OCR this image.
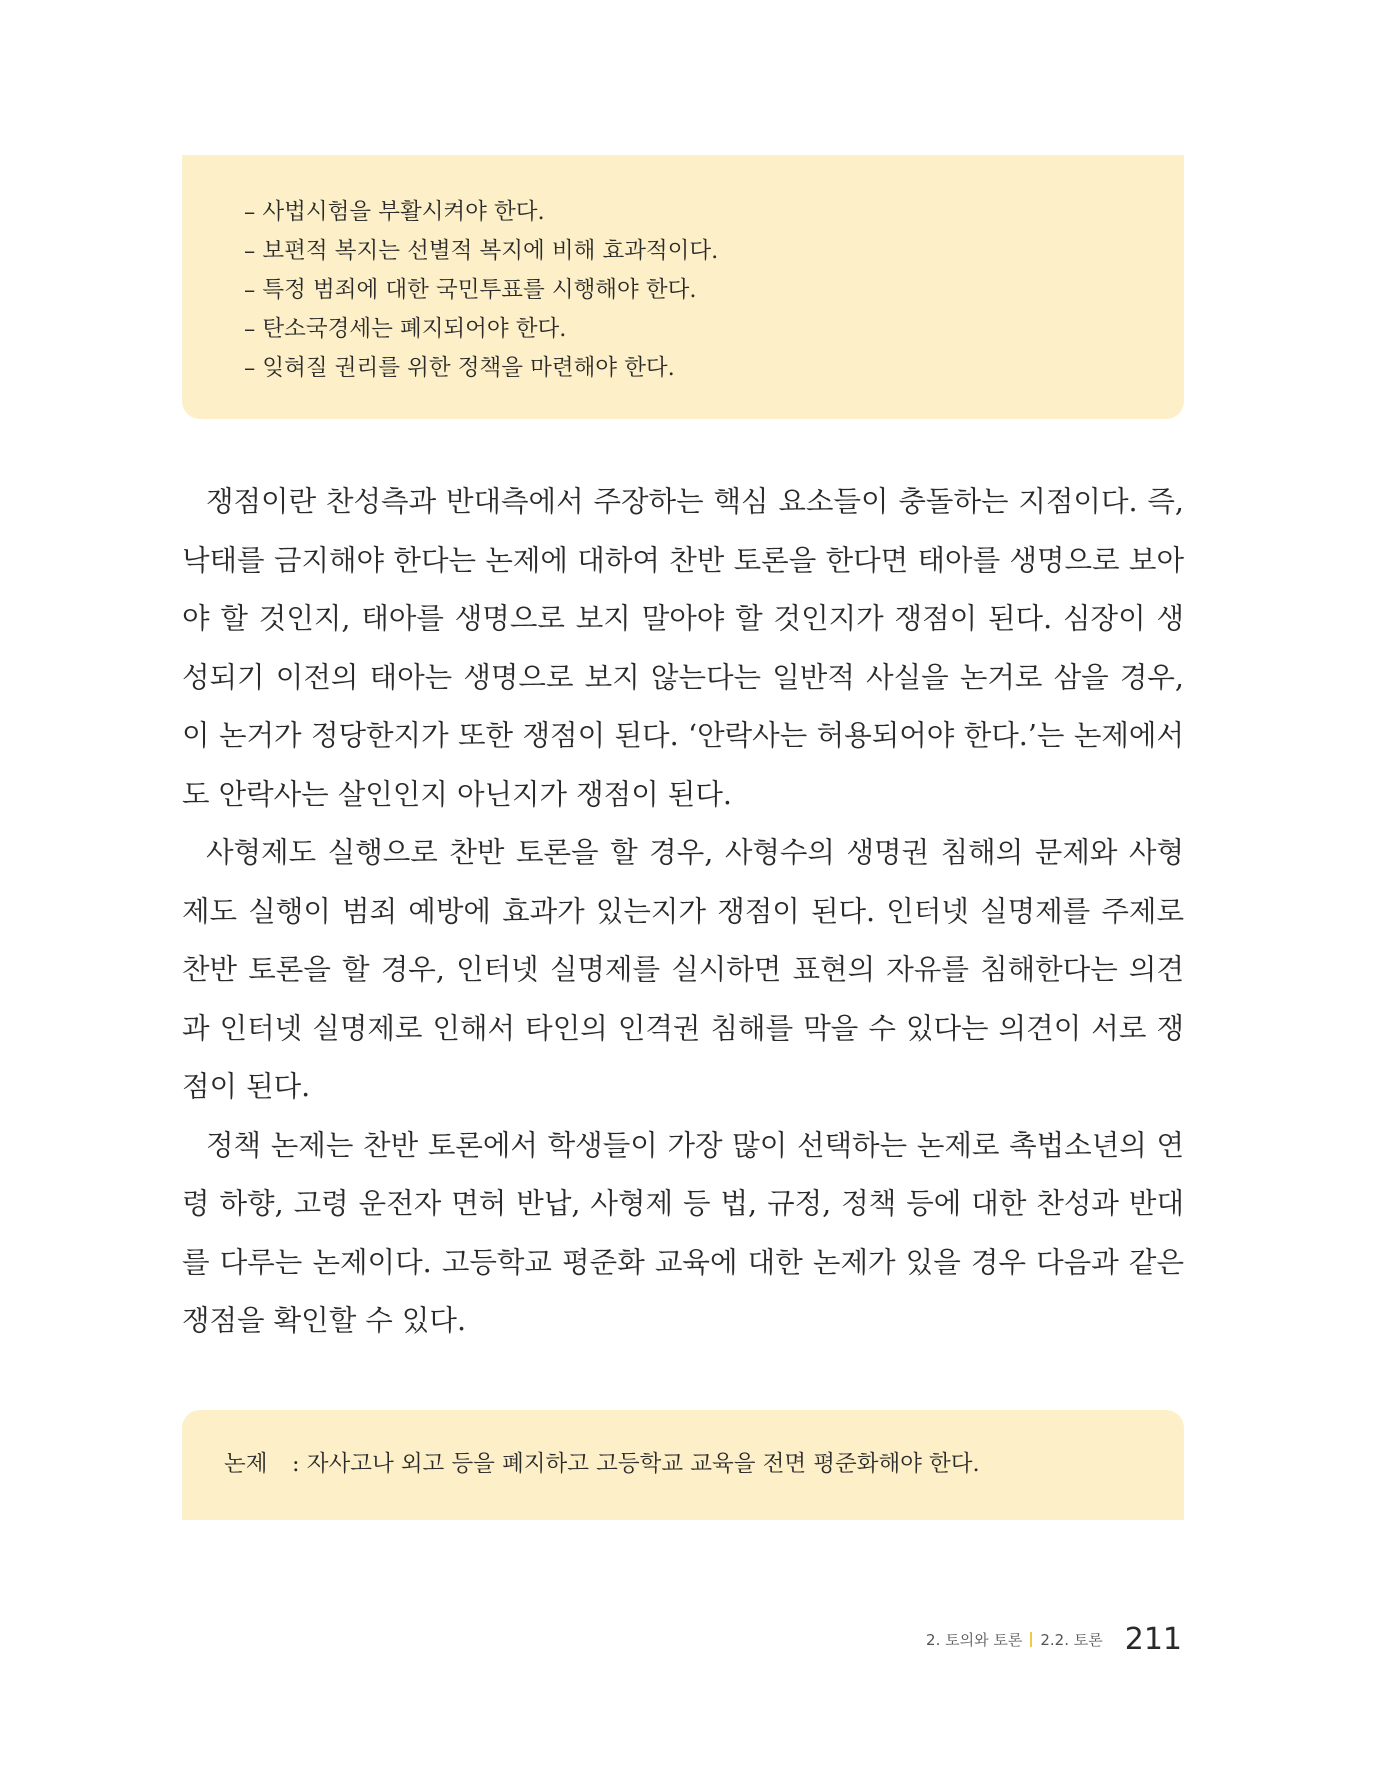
– 사법시험을 부활시켜야 한다.
– 보편적 복지는 선별적 복지에 비해 효과적이다.
– 특정 범죄에 대한 국민투표를 시행해야 한다.
– 탄소국경세는 폐지되어야 한다.
– 잊혀질 권리를 위한 정책을 마련해야 한다.
쟁점이란 찬성측과 반대측에서 주장하는 핵심 요소들이 충돌하는 지점이다. 즉,
낙태를 금지해야 한다는 논제에 대하여 찬반 토론을 한다면 태아를 생명으로 보아
야 할 것인지, 태아를 생명으로 보지 말아야 할 것인지가 쟁점이 된다. 심장이 생
성되기 이전의 태아는 생명으로 보지 않는다는 일반적 사실을 논거로 삼을 경우,
이 논거가 정당한지가 또한 쟁점이 된다. ‘안락사는 허용되어야 한다.’는 논제에서
도 안락사는 살인인지 아닌지가 쟁점이 된다.
사형제도 실행으로 찬반 토론을 할 경우, 사형수의 생명권 침해의 문제와 사형
제도 실행이 범죄 예방에 효과가 있는지가 쟁점이 된다. 인터넷 실명제를 주제로
찬반 토론을 할 경우, 인터넷 실명제를 실시하면 표현의 자유를 침해한다는 의견
과 인터넷 실명제로 인해서 타인의 인격권 침해를 막을 수 있다는 의견이 서로 쟁
점이 된다.
정책 논제는 찬반 토론에서 학생들이 가장 많이 선택하는 논제로 촉법소년의 연
령 하향, 고령 운전자 면허 반납, 사형제 등 법, 규정, 정책 등에 대한 찬성과 반대
를 다루는 논제이다. 고등학교 평준화 교육에 대한 논제가 있을 경우 다음과 같은
쟁점을 확인할 수 있다.
논제 : 자사고나 외고 등을 폐지하고 고등학교 교육을 전면 평준화해야 한다.
2. 토의와 토론 2.2. 토론 211
